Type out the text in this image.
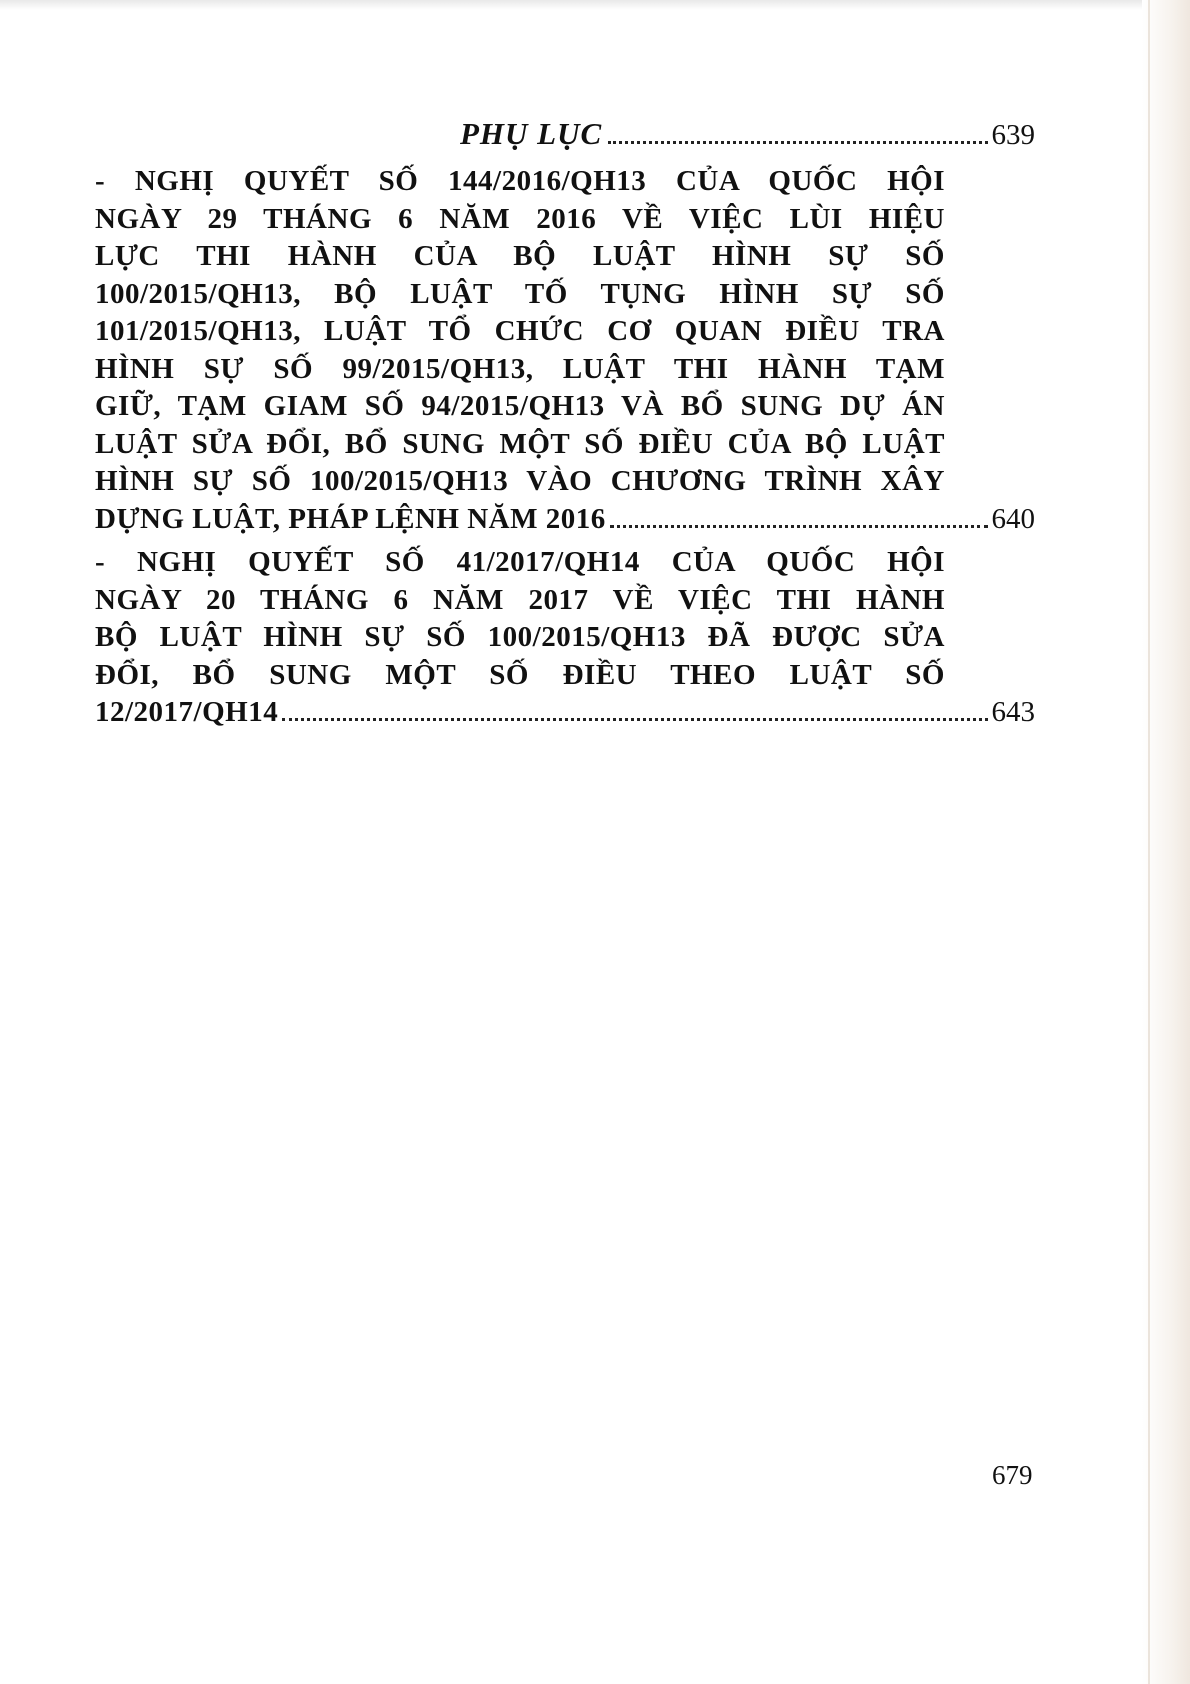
PHỤ LỤC	639
- NGHỊ QUYẾT SỐ 144/2016/QH13 CỦA QUỐC HỘI
NGÀY 29 THÁNG 6 NĂM 2016 VỀ VIỆC LÙI HIỆU
LỰC THI HÀNH CỦA BỘ LUẬT HÌNH SỰ SỐ
100/2015/QH13, BỘ LUẬT TỐ TỤNG HÌNH SỰ SỐ
101/2015/QH13, LUẬT TỔ CHỨC CƠ QUAN ĐIỀU TRA
HÌNH SỰ SỐ 99/2015/QH13, LUẬT THI HÀNH TẠM
GIỮ, TẠM GIAM SỐ 94/2015/QH13 VÀ BỔ SUNG DỰ ÁN
LUẬT SỬA ĐỔI, BỔ SUNG MỘT SỐ ĐIỀU CỦA BỘ LUẬT
HÌNH SỰ SỐ 100/2015/QH13 VÀO CHƯƠNG TRÌNH XÂY
DỰNG LUẬT, PHÁP LỆNH NĂM 2016	640
- NGHỊ QUYẾT SỐ 41/2017/QH14 CỦA QUỐC HỘI
NGÀY 20 THÁNG 6 NĂM 2017 VỀ VIỆC THI HÀNH
BỘ LUẬT HÌNH SỰ SỐ 100/2015/QH13 ĐÃ ĐƯỢC SỬA
ĐỔI, BỔ SUNG MỘT SỐ ĐIỀU THEO LUẬT SỐ
12/2017/QH14	643
679
